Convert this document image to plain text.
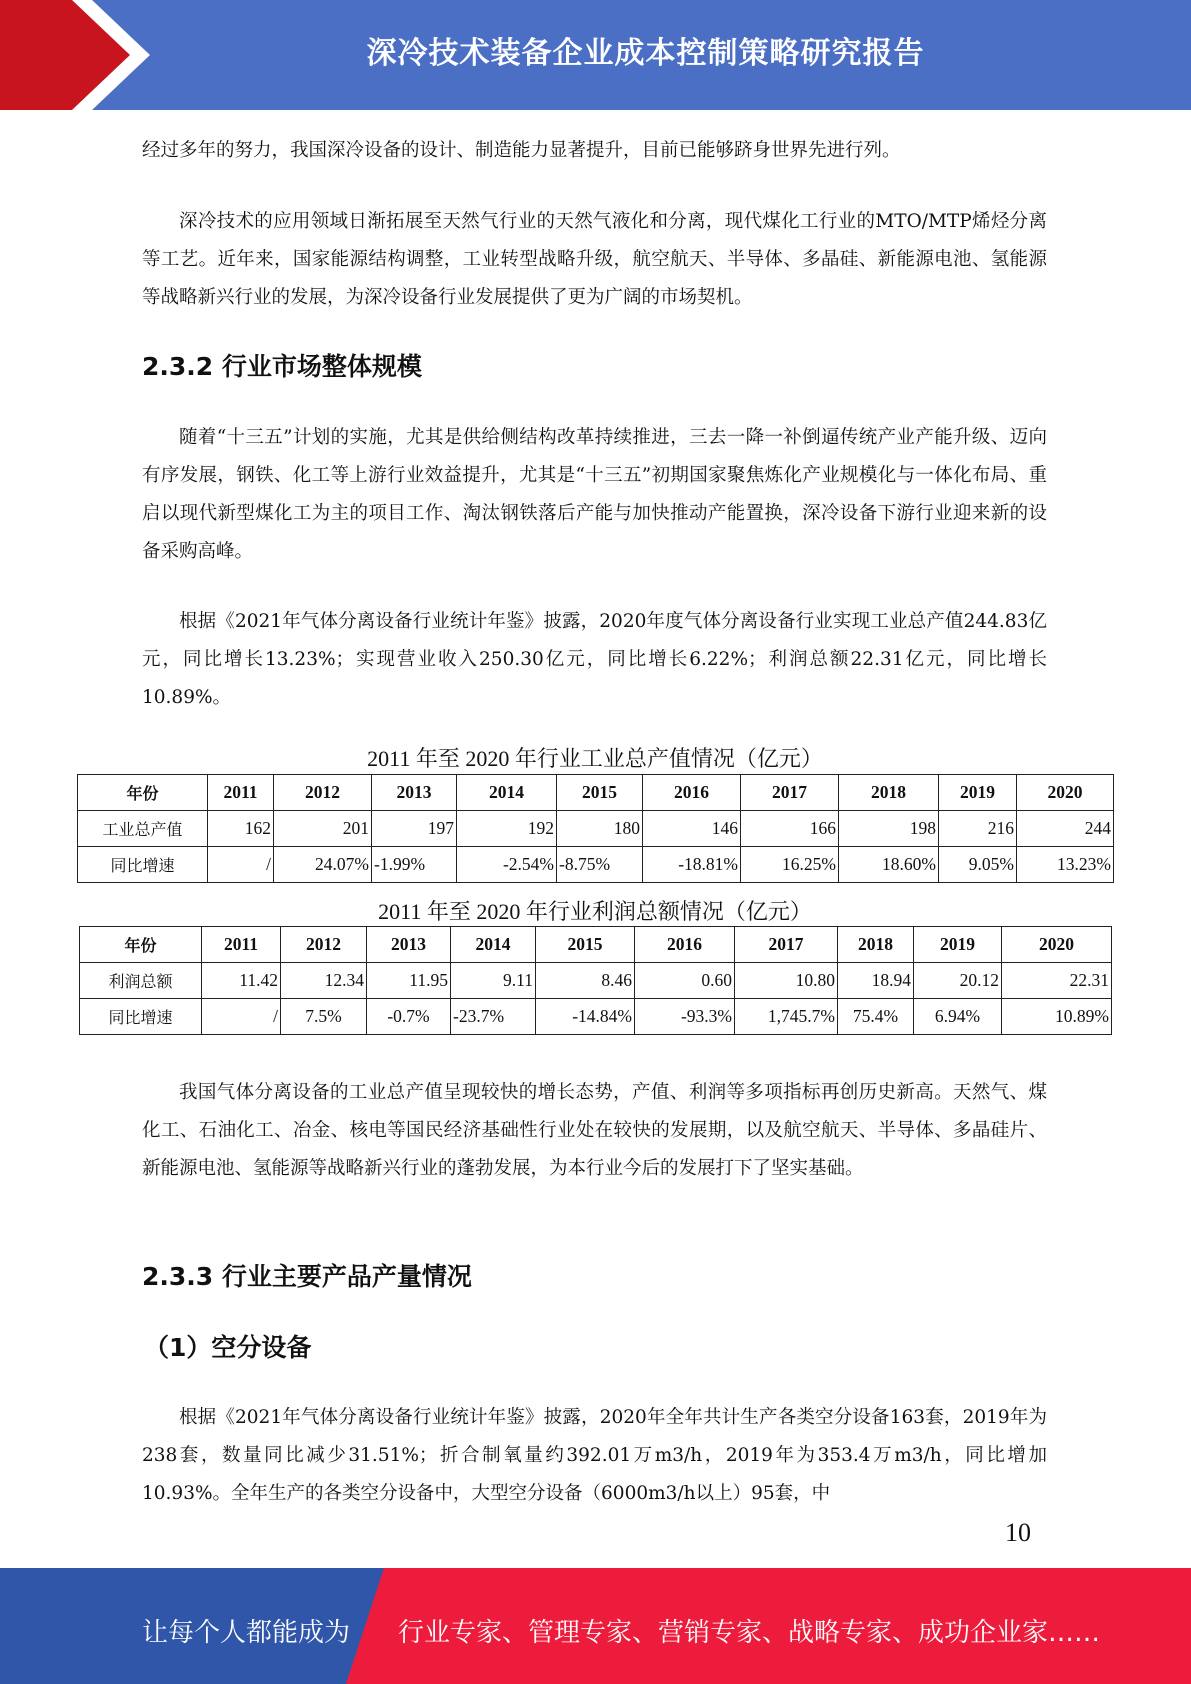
深冷技术装备企业成本控制策略研究报告

经过多年的努力，我国深冷设备的设计、制造能力显著提升，目前已能够跻身世界先进行列。

深冷技术的应用领域日渐拓展至天然气行业的天然气液化和分离，现代煤化工行业的MTO/MTP烯烃分离等工艺。近年来，国家能源结构调整，工业转型战略升级，航空航天、半导体、多晶硅、新能源电池、氢能源等战略新兴行业的发展，为深冷设备行业发展提供了更为广阔的市场契机。

2.3.2 行业市场整体规模

随着“十三五”计划的实施，尤其是供给侧结构改革持续推进，三去一降一补倒逼传统产业产能升级、迈向有序发展，钢铁、化工等上游行业效益提升，尤其是“十三五”初期国家聚焦炼化产业规模化与一体化布局、重启以现代新型煤化工为主的项目工作、淘汰钢铁落后产能与加快推动产能置换，深冷设备下游行业迎来新的设备采购高峰。

根据《2021年气体分离设备行业统计年鉴》披露，2020年度气体分离设备行业实现工业总产值244.83亿元，同比增长13.23%；实现营业收入250.30亿元，同比增长6.22%；利润总额22.31亿元，同比增长10.89%。

2011 年至 2020 年行业工业总产值情况（亿元）
年份	2011	2012	2013	2014	2015	2016	2017	2018	2019	2020
工业总产值	162	201	197	192	180	146	166	198	216	244
同比增速	/	24.07%	-1.99%	-2.54%	-8.75%	-18.81%	16.25%	18.60%	9.05%	13.23%
2011 年至 2020 年行业利润总额情况（亿元）
年份	2011	2012	2013	2014	2015	2016	2017	2018	2019	2020
利润总额	11.42	12.34	11.95	9.11	8.46	0.60	10.80	18.94	20.12	22.31
同比增速	/	7.5%	-0.7%	-23.7%	-14.84%	-93.3%	1,745.7%	75.4%	6.94%	10.89%

我国气体分离设备的工业总产值呈现较快的增长态势，产值、利润等多项指标再创历史新高。天然气、煤化工、石油化工、冶金、核电等国民经济基础性行业处在较快的发展期，以及航空航天、半导体、多晶硅片、新能源电池、氢能源等战略新兴行业的蓬勃发展，为本行业今后的发展打下了坚实基础。

2.3.3 行业主要产品产量情况
（1）空分设备

根据《2021年气体分离设备行业统计年鉴》披露，2020年全年共计生产各类空分设备163套，2019年为238套，数量同比减少31.51%；折合制氧量约392.01万m3/h，2019年为353.4万m3/h，同比增加10.93%。全年生产的各类空分设备中，大型空分设备（6000m3/h以上）95套，中

10
让每个人都能成为 行业专家、管理专家、营销专家、战略专家、成功企业家……
